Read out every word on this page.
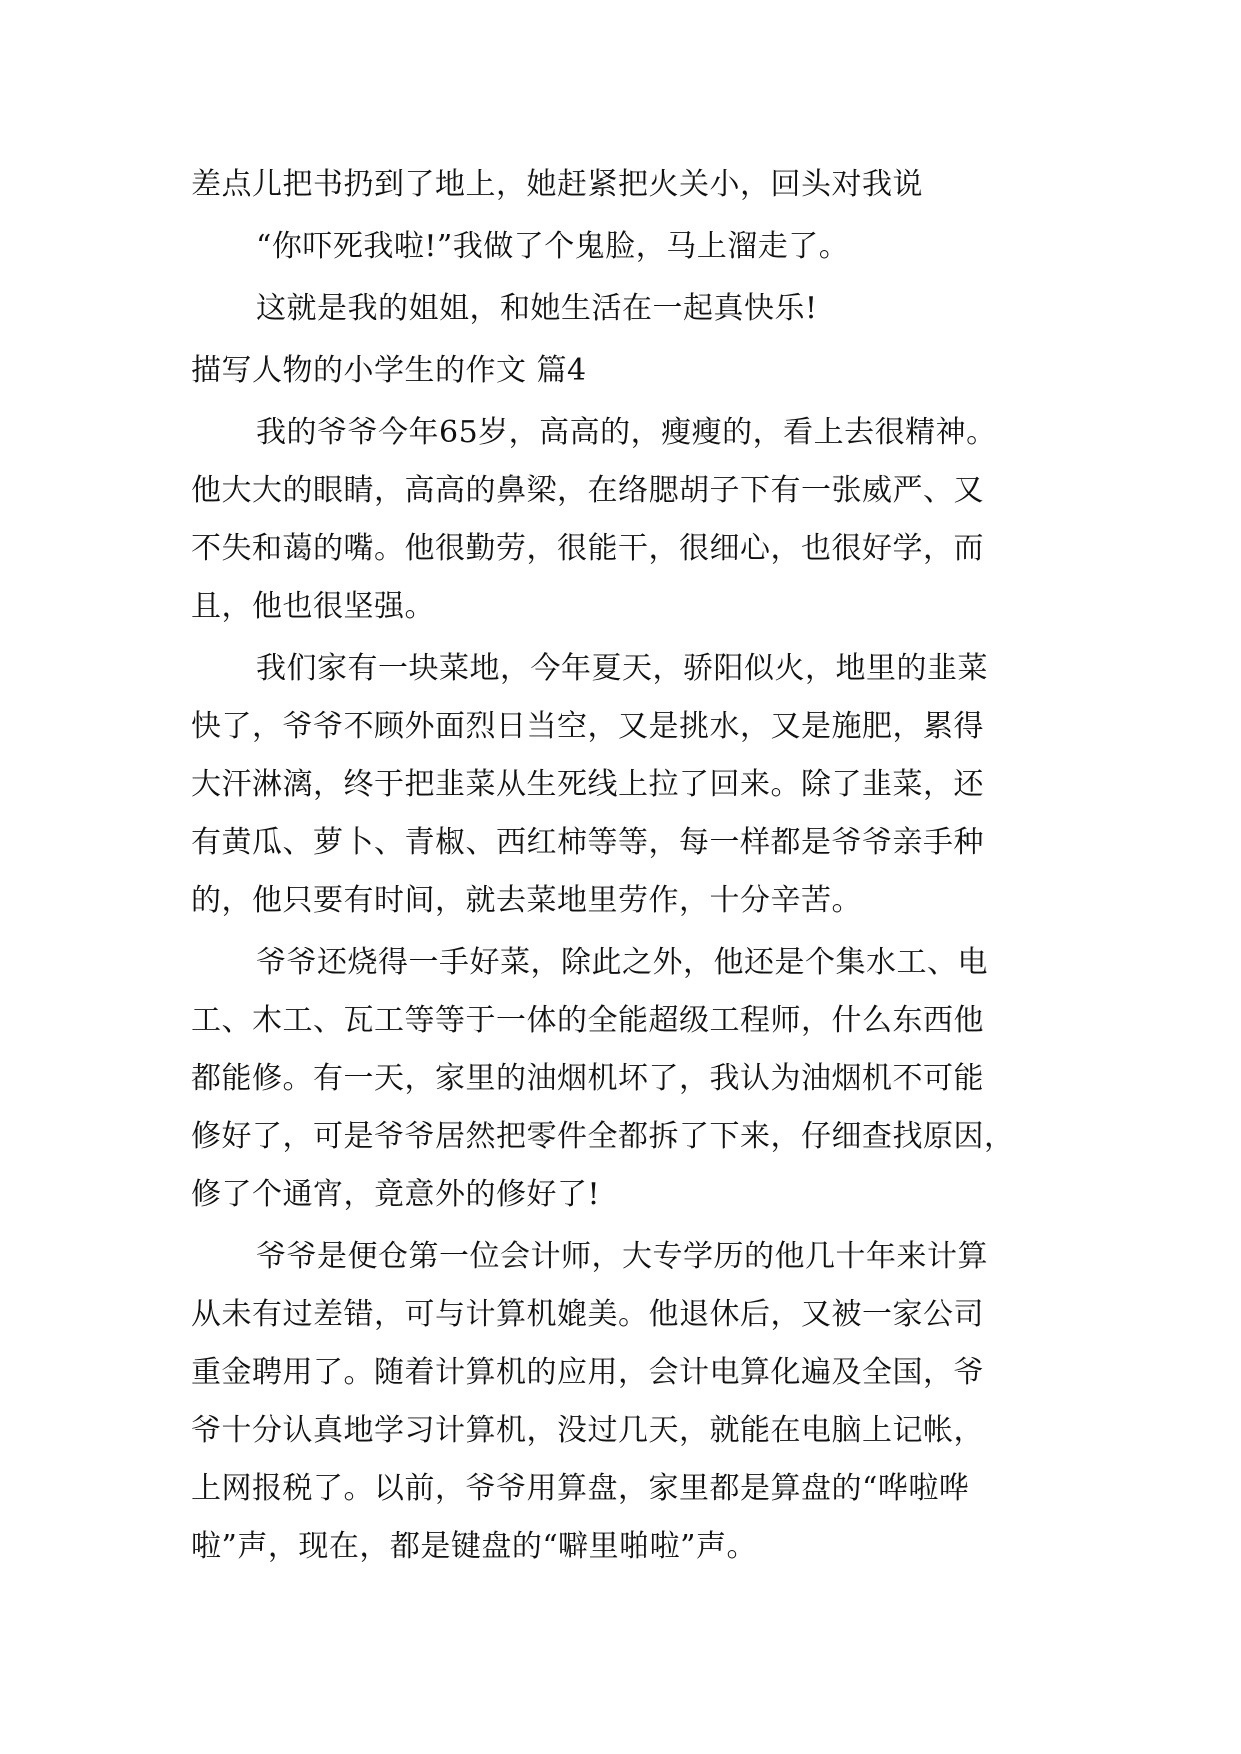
差点儿把书扔到了地上，她赶紧把火关小，回头对我说
“你吓死我啦!”我做了个鬼脸，马上溜走了。
这就是我的姐姐，和她生活在一起真快乐!
描写人物的小学生的作文 篇4
我的爷爷今年65岁，高高的，瘦瘦的，看上去很精神。
他大大的眼睛，高高的鼻梁，在络腮胡子下有一张威严、又
不失和蔼的嘴。他很勤劳，很能干，很细心，也很好学，而
且，他也很坚强。
我们家有一块菜地，今年夏天，骄阳似火，地里的韭菜
快了，爷爷不顾外面烈日当空，又是挑水，又是施肥，累得
大汗淋漓，终于把韭菜从生死线上拉了回来。除了韭菜，还
有黄瓜、萝卜、青椒、西红柿等等，每一样都是爷爷亲手种
的，他只要有时间，就去菜地里劳作，十分辛苦。
爷爷还烧得一手好菜，除此之外，他还是个集水工、电
工、木工、瓦工等等于一体的全能超级工程师，什么东西他
都能修。有一天，家里的油烟机坏了，我认为油烟机不可能
修好了，可是爷爷居然把零件全都拆了下来，仔细查找原因，
修了个通宵，竟意外的修好了!
爷爷是便仓第一位会计师，大专学历的他几十年来计算
从未有过差错，可与计算机媲美。他退休后，又被一家公司
重金聘用了。随着计算机的应用，会计电算化遍及全国，爷
爷十分认真地学习计算机，没过几天，就能在电脑上记帐，
上网报税了。以前，爷爷用算盘，家里都是算盘的“哗啦哗
啦”声，现在，都是键盘的“噼里啪啦”声。
